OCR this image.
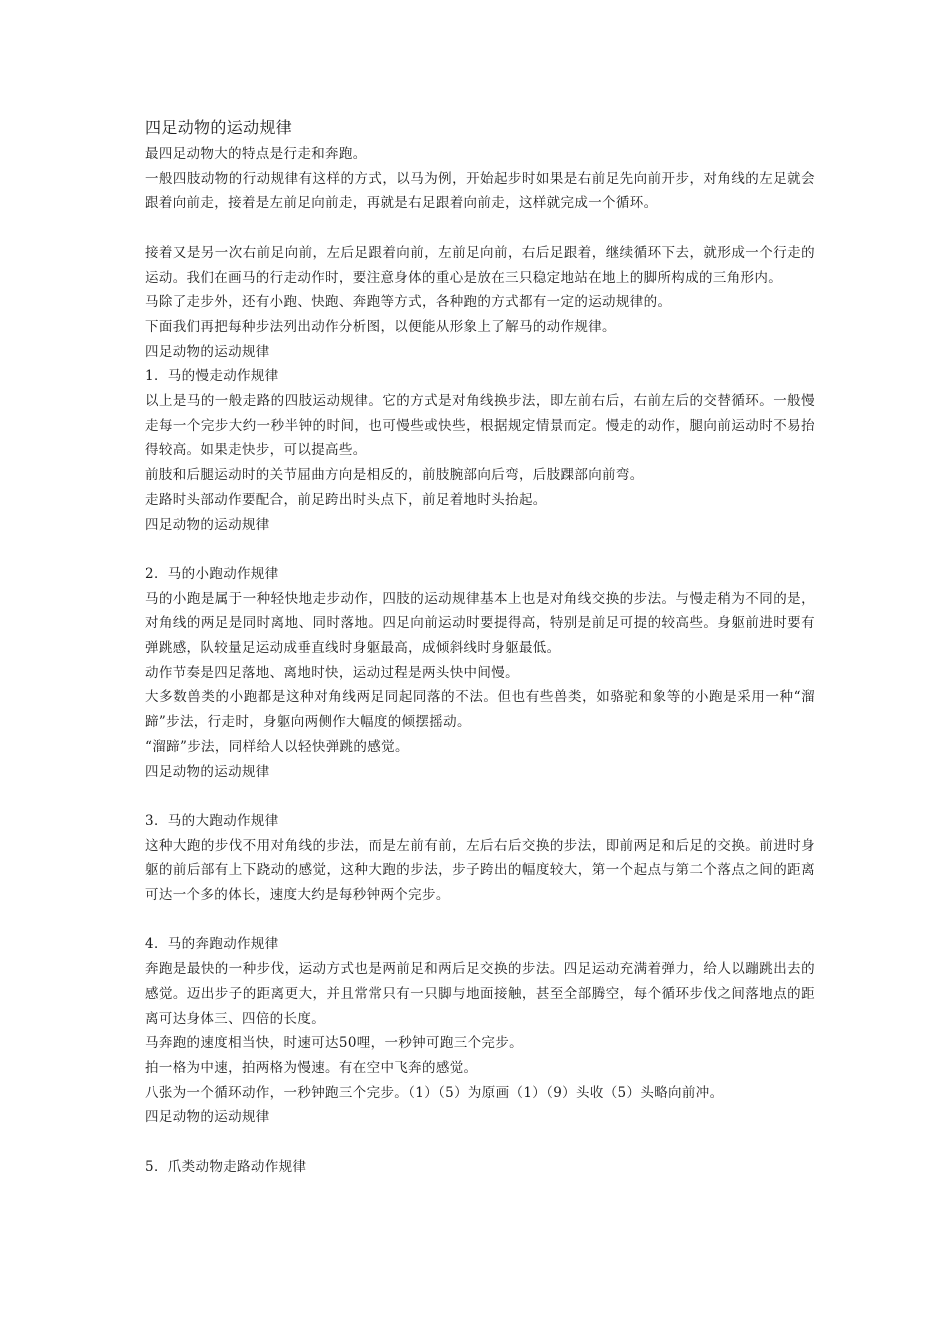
四足动物的运动规律
最四足动物大的特点是行走和奔跑。
一般四肢动物的行动规律有这样的方式，以马为例，开始起步时如果是右前足先向前开步，对角线的左足就会跟着向前走，接着是左前足向前走，再就是右足跟着向前走，这样就完成一个循环。
接着又是另一次右前足向前，左后足跟着向前，左前足向前，右后足跟着，继续循环下去，就形成一个行走的运动。我们在画马的行走动作时，要注意身体的重心是放在三只稳定地站在地上的脚所构成的三角形内。
马除了走步外，还有小跑、快跑、奔跑等方式，各种跑的方式都有一定的运动规律的。
下面我们再把每种步法列出动作分析图，以便能从形象上了解马的动作规律。
四足动物的运动规律
1．马的慢走动作规律
以上是马的一般走路的四肢运动规律。它的方式是对角线换步法，即左前右后，右前左后的交替循环。一般慢走每一个完步大约一秒半钟的时间，也可慢些或快些，根据规定情景而定。慢走的动作，腿向前运动时不易抬得较高。如果走快步，可以提高些。
前肢和后腿运动时的关节屈曲方向是相反的，前肢腕部向后弯，后肢踝部向前弯。
走路时头部动作要配合，前足跨出时头点下，前足着地时头抬起。
四足动物的运动规律
2．马的小跑动作规律
马的小跑是属于一种轻快地走步动作，四肢的运动规律基本上也是对角线交换的步法。与慢走稍为不同的是，对角线的两足是同时离地、同时落地。四足向前运动时要提得高，特别是前足可提的较高些。身躯前进时要有弹跳感，队较量足运动成垂直线时身躯最高，成倾斜线时身躯最低。
动作节奏是四足落地、离地时快，运动过程是两头快中间慢。
大多数兽类的小跑都是这种对角线两足同起同落的不法。但也有些兽类，如骆驼和象等的小跑是采用一种“溜蹄”步法，行走时，身躯向两侧作大幅度的倾摆摇动。
“溜蹄”步法，同样给人以轻快弹跳的感觉。
四足动物的运动规律
3．马的大跑动作规律
这种大跑的步伐不用对角线的步法，而是左前有前，左后右后交换的步法，即前两足和后足的交换。前进时身躯的前后部有上下跷动的感觉，这种大跑的步法，步子跨出的幅度较大，第一个起点与第二个落点之间的距离可达一个多的体长，速度大约是每秒钟两个完步。
4．马的奔跑动作规律
奔跑是最快的一种步伐，运动方式也是两前足和两后足交换的步法。四足运动充满着弹力，给人以蹦跳出去的感觉。迈出步子的距离更大，并且常常只有一只脚与地面接触，甚至全部腾空，每个循环步伐之间落地点的距离可达身体三、四倍的长度。
马奔跑的速度相当快，时速可达50哩，一秒钟可跑三个完步。
拍一格为中速，拍两格为慢速。有在空中飞奔的感觉。
八张为一个循环动作，一秒钟跑三个完步。（1）（5）为原画（1）（9）头收（5）头略向前冲。
四足动物的运动规律
5．爪类动物走路动作规律
